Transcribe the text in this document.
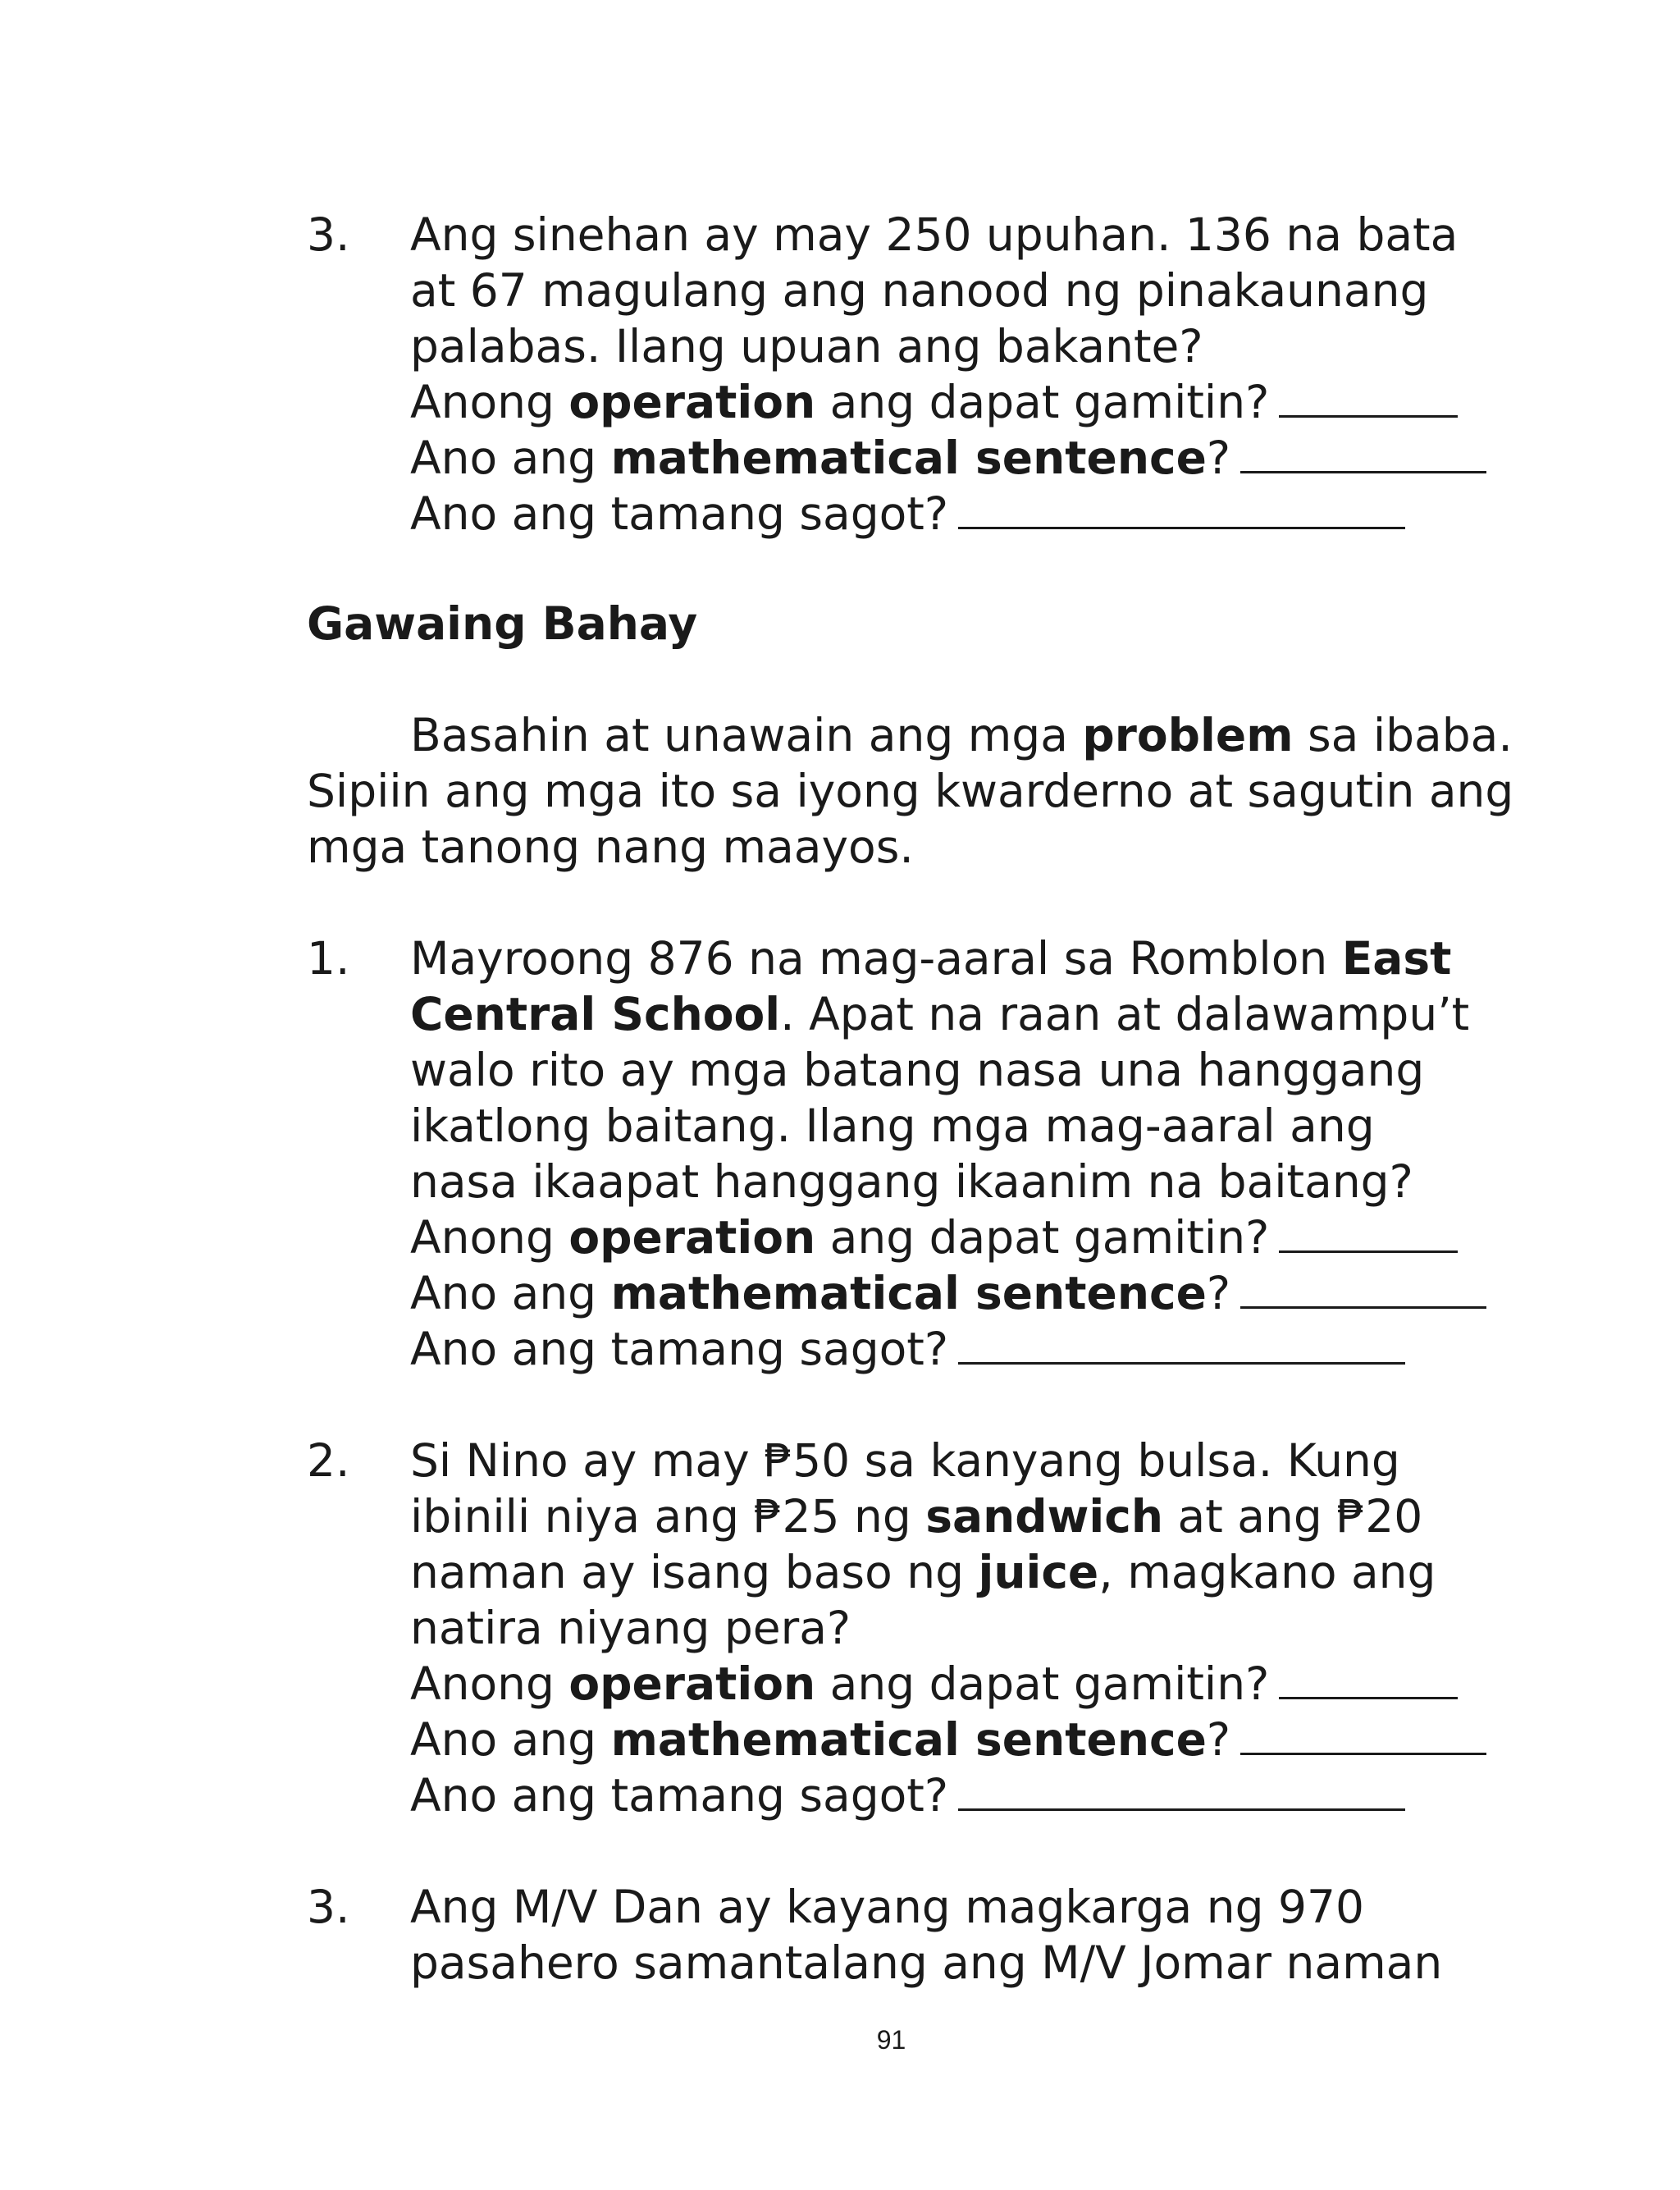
3. Ang sinehan ay may 250 upuhan. 136 na bata
at 67 magulang ang nanood ng pinakaunang
palabas. Ilang upuan ang bakante?
Anong operation ang dapat gamitin?
Ano ang mathematical sentence?
Ano ang tamang sagot?
Gawaing Bahay
Basahin at unawain ang mga problem sa ibaba.
Sipiin ang mga ito sa iyong kwarderno at sagutin ang
mga tanong nang maayos.
1. Mayroong 876 na mag-aaral sa Romblon East
Central School. Apat na raan at dalawampu’t
walo rito ay mga batang nasa una hanggang
ikatlong baitang. Ilang mga mag-aaral ang
nasa ikaapat hanggang ikaanim na baitang?
Anong operation ang dapat gamitin?
Ano ang mathematical sentence?
Ano ang tamang sagot?
2. Si Nino ay may ₱50 sa kanyang bulsa. Kung
ibinili niya ang ₱25 ng sandwich at ang ₱20
naman ay isang baso ng juice, magkano ang
natira niyang pera?
Anong operation ang dapat gamitin?
Ano ang mathematical sentence?
Ano ang tamang sagot?
3. Ang M/V Dan ay kayang magkarga ng 970
pasahero samantalang ang M/V Jomar naman
91
